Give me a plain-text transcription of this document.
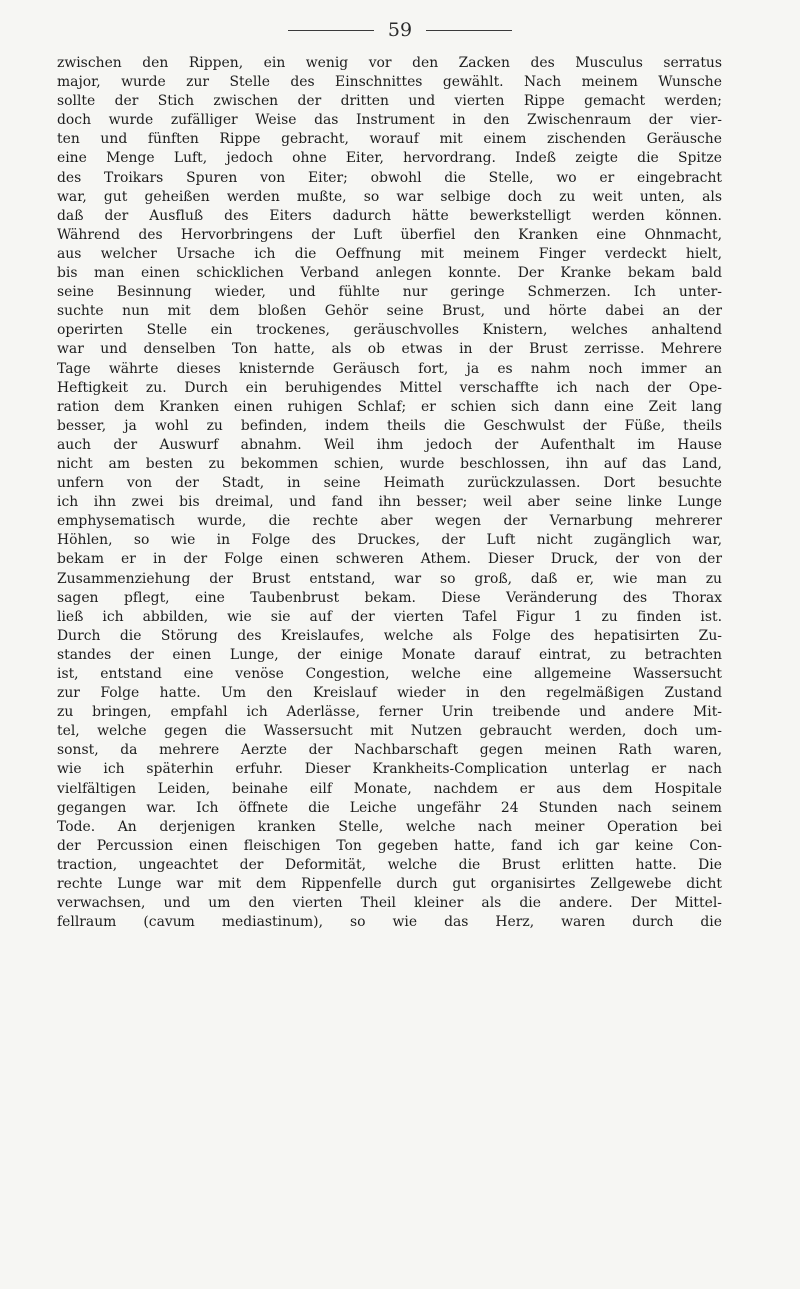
59

zwischen den Rippen, ein wenig vor den Zacken des Musculus serratus
major, wurde zur Stelle des Einschnittes gewählt. Nach meinem Wunsche
sollte der Stich zwischen der dritten und vierten Rippe gemacht werden;
doch wurde zufälliger Weise das Instrument in den Zwischenraum der vier-
ten und fünften Rippe gebracht, worauf mit einem zischenden Geräusche
eine Menge Luft, jedoch ohne Eiter, hervordrang. Indeß zeigte die Spitze
des Troikars Spuren von Eiter; obwohl die Stelle, wo er eingebracht
war, gut geheißen werden mußte, so war selbige doch zu weit unten, als
daß der Ausfluß des Eiters dadurch hätte bewerkstelligt werden können.
Während des Hervorbringens der Luft überfiel den Kranken eine Ohnmacht,
aus welcher Ursache ich die Oeffnung mit meinem Finger verdeckt hielt,
bis man einen schicklichen Verband anlegen konnte. Der Kranke bekam bald
seine Besinnung wieder, und fühlte nur geringe Schmerzen. Ich unter-
suchte nun mit dem bloßen Gehör seine Brust, und hörte dabei an der
operirten Stelle ein trockenes, geräuschvolles Knistern, welches anhaltend
war und denselben Ton hatte, als ob etwas in der Brust zerrisse. Mehrere
Tage währte dieses knisternde Geräusch fort, ja es nahm noch immer an
Heftigkeit zu. Durch ein beruhigendes Mittel verschaffte ich nach der Ope-
ration dem Kranken einen ruhigen Schlaf; er schien sich dann eine Zeit lang
besser, ja wohl zu befinden, indem theils die Geschwulst der Füße, theils
auch der Auswurf abnahm. Weil ihm jedoch der Aufenthalt im Hause
nicht am besten zu bekommen schien, wurde beschlossen, ihn auf das Land,
unfern von der Stadt, in seine Heimath zurückzulassen. Dort besuchte
ich ihn zwei bis dreimal, und fand ihn besser; weil aber seine linke Lunge
emphysematisch wurde, die rechte aber wegen der Vernarbung mehrerer
Höhlen, so wie in Folge des Druckes, der Luft nicht zugänglich war,
bekam er in der Folge einen schweren Athem. Dieser Druck, der von der
Zusammenziehung der Brust entstand, war so groß, daß er, wie man zu
sagen pflegt, eine Taubenbrust bekam. Diese Veränderung des Thorax
ließ ich abbilden, wie sie auf der vierten Tafel Figur 1 zu finden ist.
Durch die Störung des Kreislaufes, welche als Folge des hepatisirten Zu-
standes der einen Lunge, der einige Monate darauf eintrat, zu betrachten
ist, entstand eine venöse Congestion, welche eine allgemeine Wassersucht
zur Folge hatte. Um den Kreislauf wieder in den regelmäßigen Zustand
zu bringen, empfahl ich Aderlässe, ferner Urin treibende und andere Mit-
tel, welche gegen die Wassersucht mit Nutzen gebraucht werden, doch um-
sonst, da mehrere Aerzte der Nachbarschaft gegen meinen Rath waren,
wie ich späterhin erfuhr. Dieser Krankheits-Complication unterlag er nach
vielfältigen Leiden, beinahe eilf Monate, nachdem er aus dem Hospitale
gegangen war. Ich öffnete die Leiche ungefähr 24 Stunden nach seinem
Tode. An derjenigen kranken Stelle, welche nach meiner Operation bei
der Percussion einen fleischigen Ton gegeben hatte, fand ich gar keine Con-
traction, ungeachtet der Deformität, welche die Brust erlitten hatte. Die
rechte Lunge war mit dem Rippenfelle durch gut organisirtes Zellgewebe dicht
verwachsen, und um den vierten Theil kleiner als die andere. Der Mittel-
fellraum (cavum mediastinum), so wie das Herz, waren durch die
